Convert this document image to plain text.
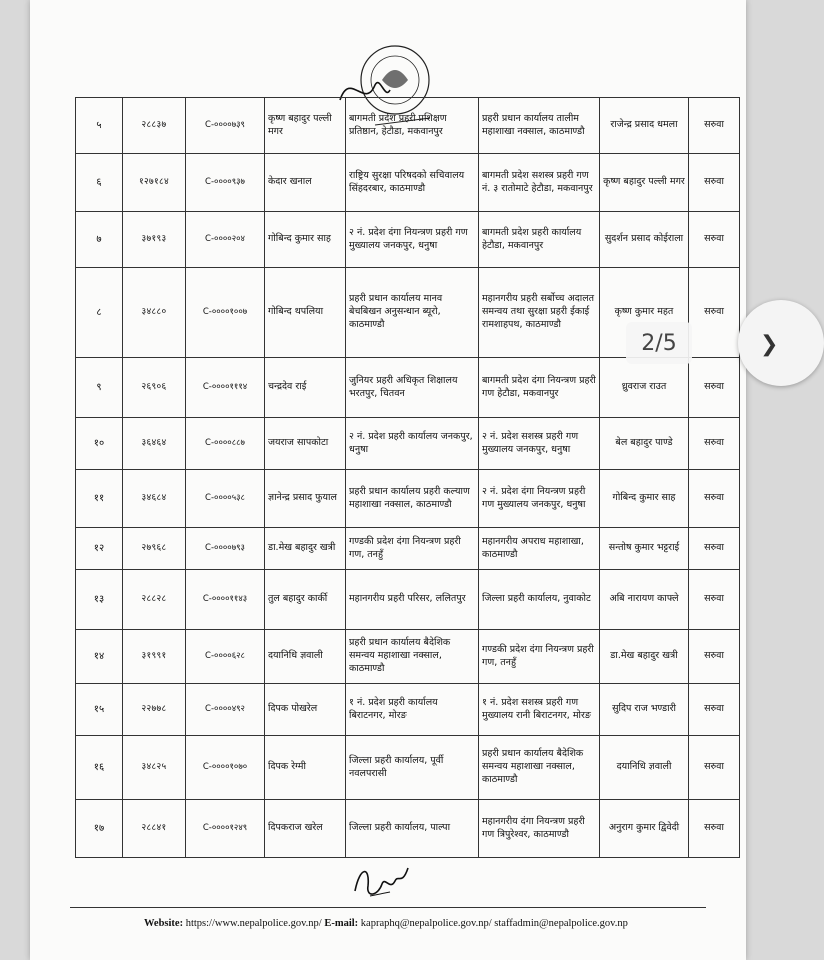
५	२८८३७	C-००००७३९	कृष्ण बहादुर पल्ली मगर	बागमती प्रदेश प्रहरी प्रशिक्षण प्रतिष्ठान, हेटौडा, मकवानपुर	प्रहरी प्रधान कार्यालय तालीम महाशाखा नक्साल, काठमाण्डौ	राजेन्द्र प्रसाद धमला	सरुवा
६	१२७१८४	C-००००९३७	केदार खनाल	राष्ट्रिय सुरक्षा परिषदको सचिवालय सिंहदरबार, काठमाण्डौ	बागमती प्रदेश सशस्त्र प्रहरी गण नं. ३ रातोमाटे हेटौडा, मकवानपुर	कृष्ण बहादुर पल्ली मगर	सरुवा
७	३७१९३	C-००००२०४	गोबिन्द कुमार साह	२ नं. प्रदेश दंगा नियन्त्रण प्रहरी गण मुख्यालय जनकपुर, धनुषा	बागमती प्रदेश प्रहरी कार्यालय हेटौडा, मकवानपुर	सुदर्शन प्रसाद कोईराला	सरुवा
८	३४८८०	C-००००१००७	गोबिन्द थपलिया	प्रहरी प्रधान कार्यालय मानव बेचबिखन अनुसन्धान ब्यूरो, काठमाण्डौ	महानगरीय प्रहरी सर्बोच्च अदालत समन्वय तथा सुरक्षा प्रहरी ईकाई रामशाहपथ, काठमाण्डौ	कृष्ण कुमार महत	सरुवा
९	२६९०६	C-००००१११४	चन्द्रदेव राई	जुनियर प्रहरी अधिकृत शिक्षालय भरतपुर, चितवन	बागमती प्रदेश दंगा नियन्त्रण प्रहरी गण हेटौडा, मकवानपुर	ध्रुवराज राउत	सरुवा
१०	३६४६४	C-००००८८७	जयराज सापकोटा	२ नं. प्रदेश प्रहरी कार्यालय जनकपुर, धनुषा	२ नं. प्रदेश सशस्त्र प्रहरी गण मुख्यालय जनकपुर, धनुषा	बेल बहादुर पाण्डे	सरुवा
११	३४६८४	C-००००५३८	ज्ञानेन्द्र प्रसाद फुयाल	प्रहरी प्रधान कार्यालय प्रहरी कल्याण महाशाखा नक्साल, काठमाण्डौ	२ नं. प्रदेश दंगा नियन्त्रण प्रहरी गण मुख्यालय जनकपुर, धनुषा	गोबिन्द कुमार साह	सरुवा
१२	२७९६८	C-००००७९३	डा.मेख बहादुर खत्री	गण्डकी प्रदेश दंगा नियन्त्रण प्रहरी गण, तनहुँ	महानगरीय अपराध महाशाखा, काठमाण्डौ	सन्तोष कुमार भट्टराई	सरुवा
१३	२८८२८	C-००००११४३	तुल बहादुर कार्की	महानगरीय प्रहरी परिसर, ललितपुर	जिल्ला प्रहरी कार्यालय, नुवाकोट	अबि नारायण काफ्ले	सरुवा
१४	३१९९१	C-००००६२८	दयानिधि ज्ञवाली	प्रहरी प्रधान कार्यालय बैदेशिक समन्वय महाशाखा नक्साल, काठमाण्डौ	गण्डकी प्रदेश दंगा नियन्त्रण प्रहरी गण, तनहुँ	डा.मेख बहादुर खत्री	सरुवा
१५	२२७७८	C-००००४९२	दिपक पोखरेल	१ नं. प्रदेश प्रहरी कार्यालय बिराटनगर, मोरङ	१ नं. प्रदेश सशस्त्र प्रहरी गण मुख्यालय रानी बिराटनगर, मोरङ	सुदिप राज भण्डारी	सरुवा
१६	३४८२५	C-००००१०७०	दिपक रेग्मी	जिल्ला प्रहरी कार्यालय, पूर्वी नवलपरासी	प्रहरी प्रधान कार्यालय बैदेशिक समन्वय महाशाखा नक्साल, काठमाण्डौ	दयानिधि ज्ञवाली	सरुवा
१७	२८८४१	C-००००१२४९	दिपकराज खरेल	जिल्ला प्रहरी कार्यालय, पाल्पा	महानगरीय दंगा नियन्त्रण प्रहरी गण त्रिपुरेश्वर, काठमाण्डौ	अनुराग कुमार द्विवेदी	सरुवा
2/5	❯
Website: https://www.nepalpolice.gov.np/ E-mail: kapraphq@nepalpolice.gov.np/ staffadmin@nepalpolice.gov.np
